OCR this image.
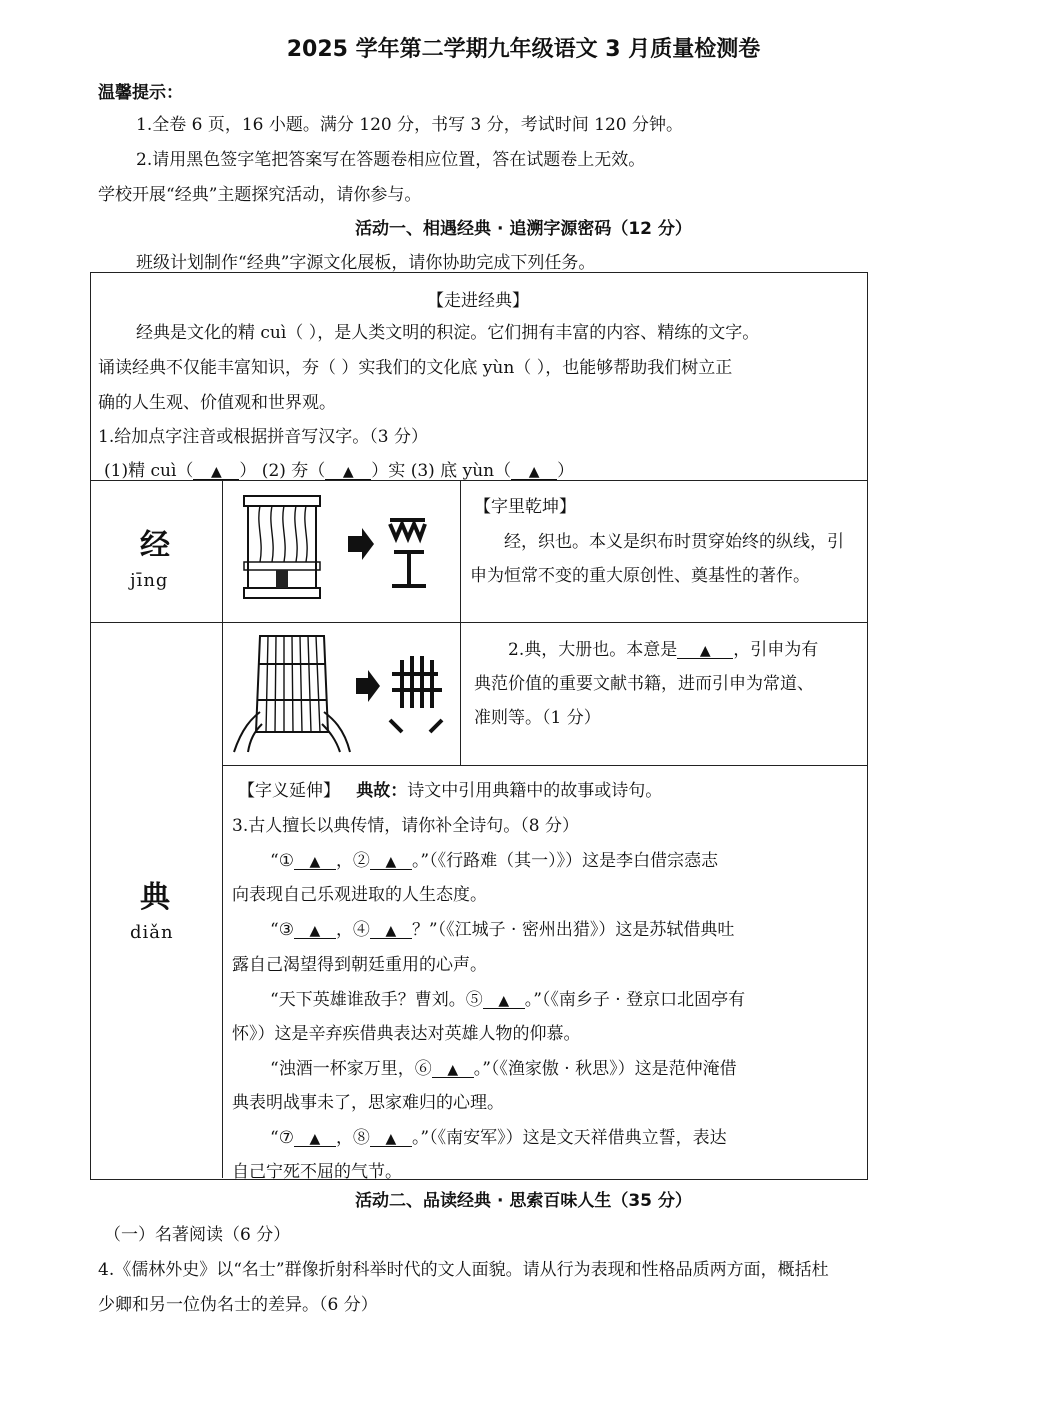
2025 学年第二学期九年级语文 3 月质量检测卷
温馨提示：
1.全卷 6 页，16 小题。满分 120 分，书写 3 分，考试时间 120 分钟。
2.请用黑色签字笔把答案写在答题卷相应位置，答在试题卷上无效。
学校开展“经典”主题探究活动，请你参与。
活动一、相遇经典 · 追溯字源密码（12 分）
班级计划制作“经典”字源文化展板，请你协助完成下列任务。
【走进经典】
经典是文化的精 cuì（ ），是人类文明的积淀。它们拥有丰富的内容、精练的文字。
诵读经典不仅能丰富知识，夯（ ）实我们的文化底 yùn（ ），也能够帮助我们树立正
确的人生观、价值观和世界观。
1.给加点字注音或根据拼音写汉字。（3 分）
(1)精 cuì（ ▲ ） (2) 夯（ ▲ ）实 (3) 底 yùn（ ▲ ）
经
jīng
【字里乾坤】
经，织也。本义是织布时贯穿始终的纵线，引申为恒常不变的重大原创性、奠基性的著作。
典
diǎn
2.典，大册也。本意是 ▲ ，引申为有
典范价值的重要文献书籍，进而引申为常道、
准则等。（1 分）
【字义延伸】 典故：诗文中引用典籍中的故事或诗句。
3.古人擅长以典传情，请你补全诗句。（8 分）
“① ▲ ，② ▲ 。”（《行路难（其一）》）这是李白借宗悫志
向表现自己乐观进取的人生态度。
“③ ▲ ，④ ▲ ？”（《江城子 · 密州出猎》）这是苏轼借典吐
露自己渴望得到朝廷重用的心声。
“天下英雄谁敌手？曹刘。⑤ ▲ 。”（《南乡子 · 登京口北固亭有
怀》）这是辛弃疾借典表达对英雄人物的仰慕。
“浊酒一杯家万里，⑥ ▲ 。”（《渔家傲 · 秋思》）这是范仲淹借
典表明战事未了，思家难归的心理。
“⑦ ▲ ，⑧ ▲ 。”（《南安军》）这是文天祥借典立誓，表达
自己宁死不屈的气节。
活动二、品读经典 · 思索百味人生（35 分）
（一）名著阅读（6 分）
4.《儒林外史》以“名士”群像折射科举时代的文人面貌。请从行为表现和性格品质两方面，概括杜
少卿和另一位伪名士的差异。（6 分）
